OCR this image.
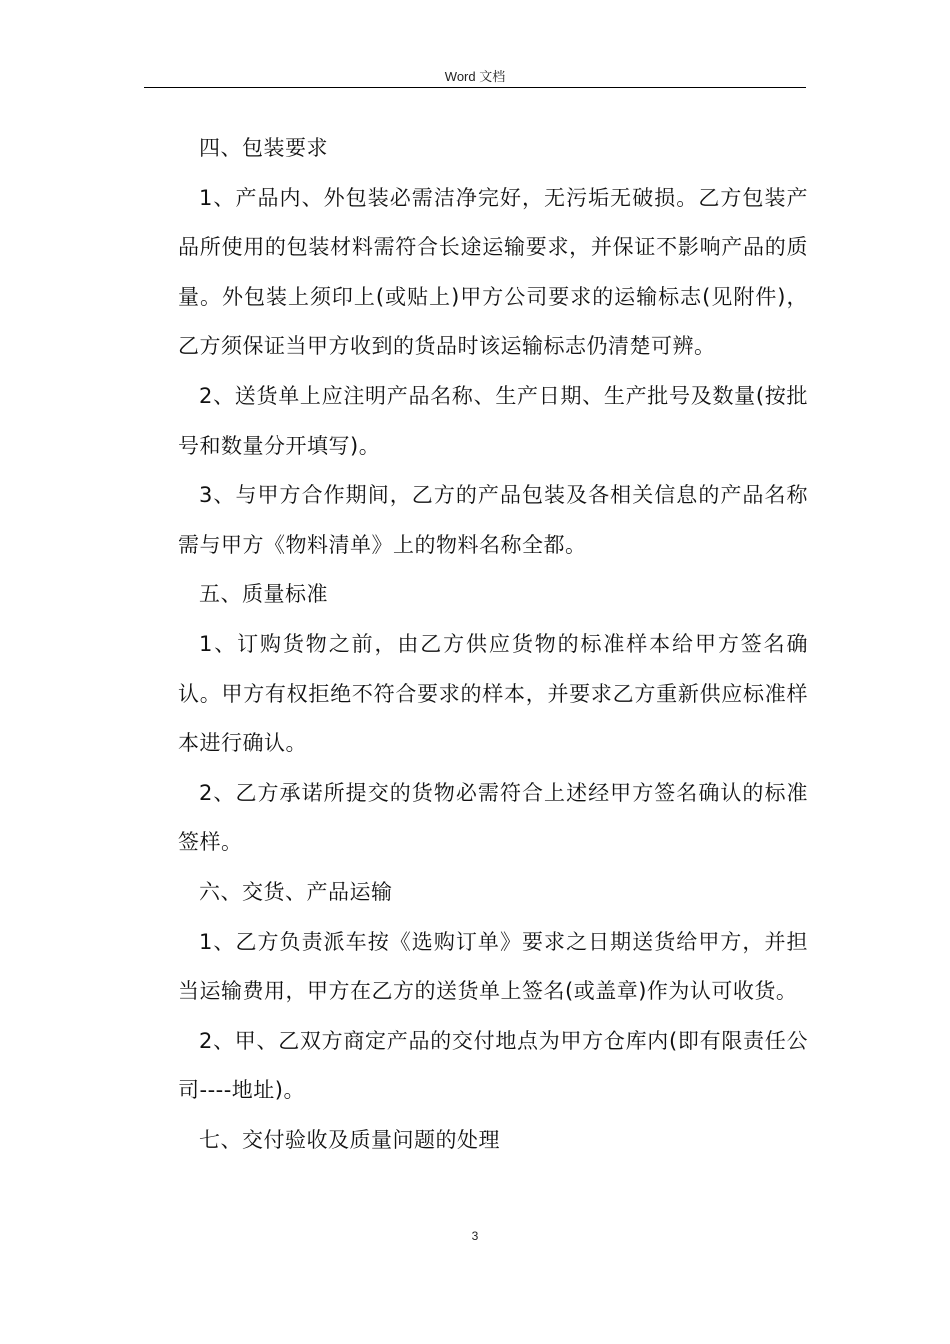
Word 文档

四、包装要求

1、产品内、外包装必需洁净完好，无污垢无破损。乙方包装产品所使用的包装材料需符合长途运输要求，并保证不影响产品的质量。外包装上须印上(或贴上)甲方公司要求的运输标志(见附件)，乙方须保证当甲方收到的货品时该运输标志仍清楚可辨。

2、送货单上应注明产品名称、生产日期、生产批号及数量(按批号和数量分开填写)。

3、与甲方合作期间，乙方的产品包装及各相关信息的产品名称需与甲方《物料清单》上的物料名称全都。

五、质量标准

1、订购货物之前，由乙方供应货物的标准样本给甲方签名确认。甲方有权拒绝不符合要求的样本，并要求乙方重新供应标准样本进行确认。

2、乙方承诺所提交的货物必需符合上述经甲方签名确认的标准签样。

六、交货、产品运输

1、乙方负责派车按《选购订单》要求之日期送货给甲方，并担当运输费用，甲方在乙方的送货单上签名(或盖章)作为认可收货。

2、甲、乙双方商定产品的交付地点为甲方仓库内(即有限责任公司----地址)。

七、交付验收及质量问题的处理

3
